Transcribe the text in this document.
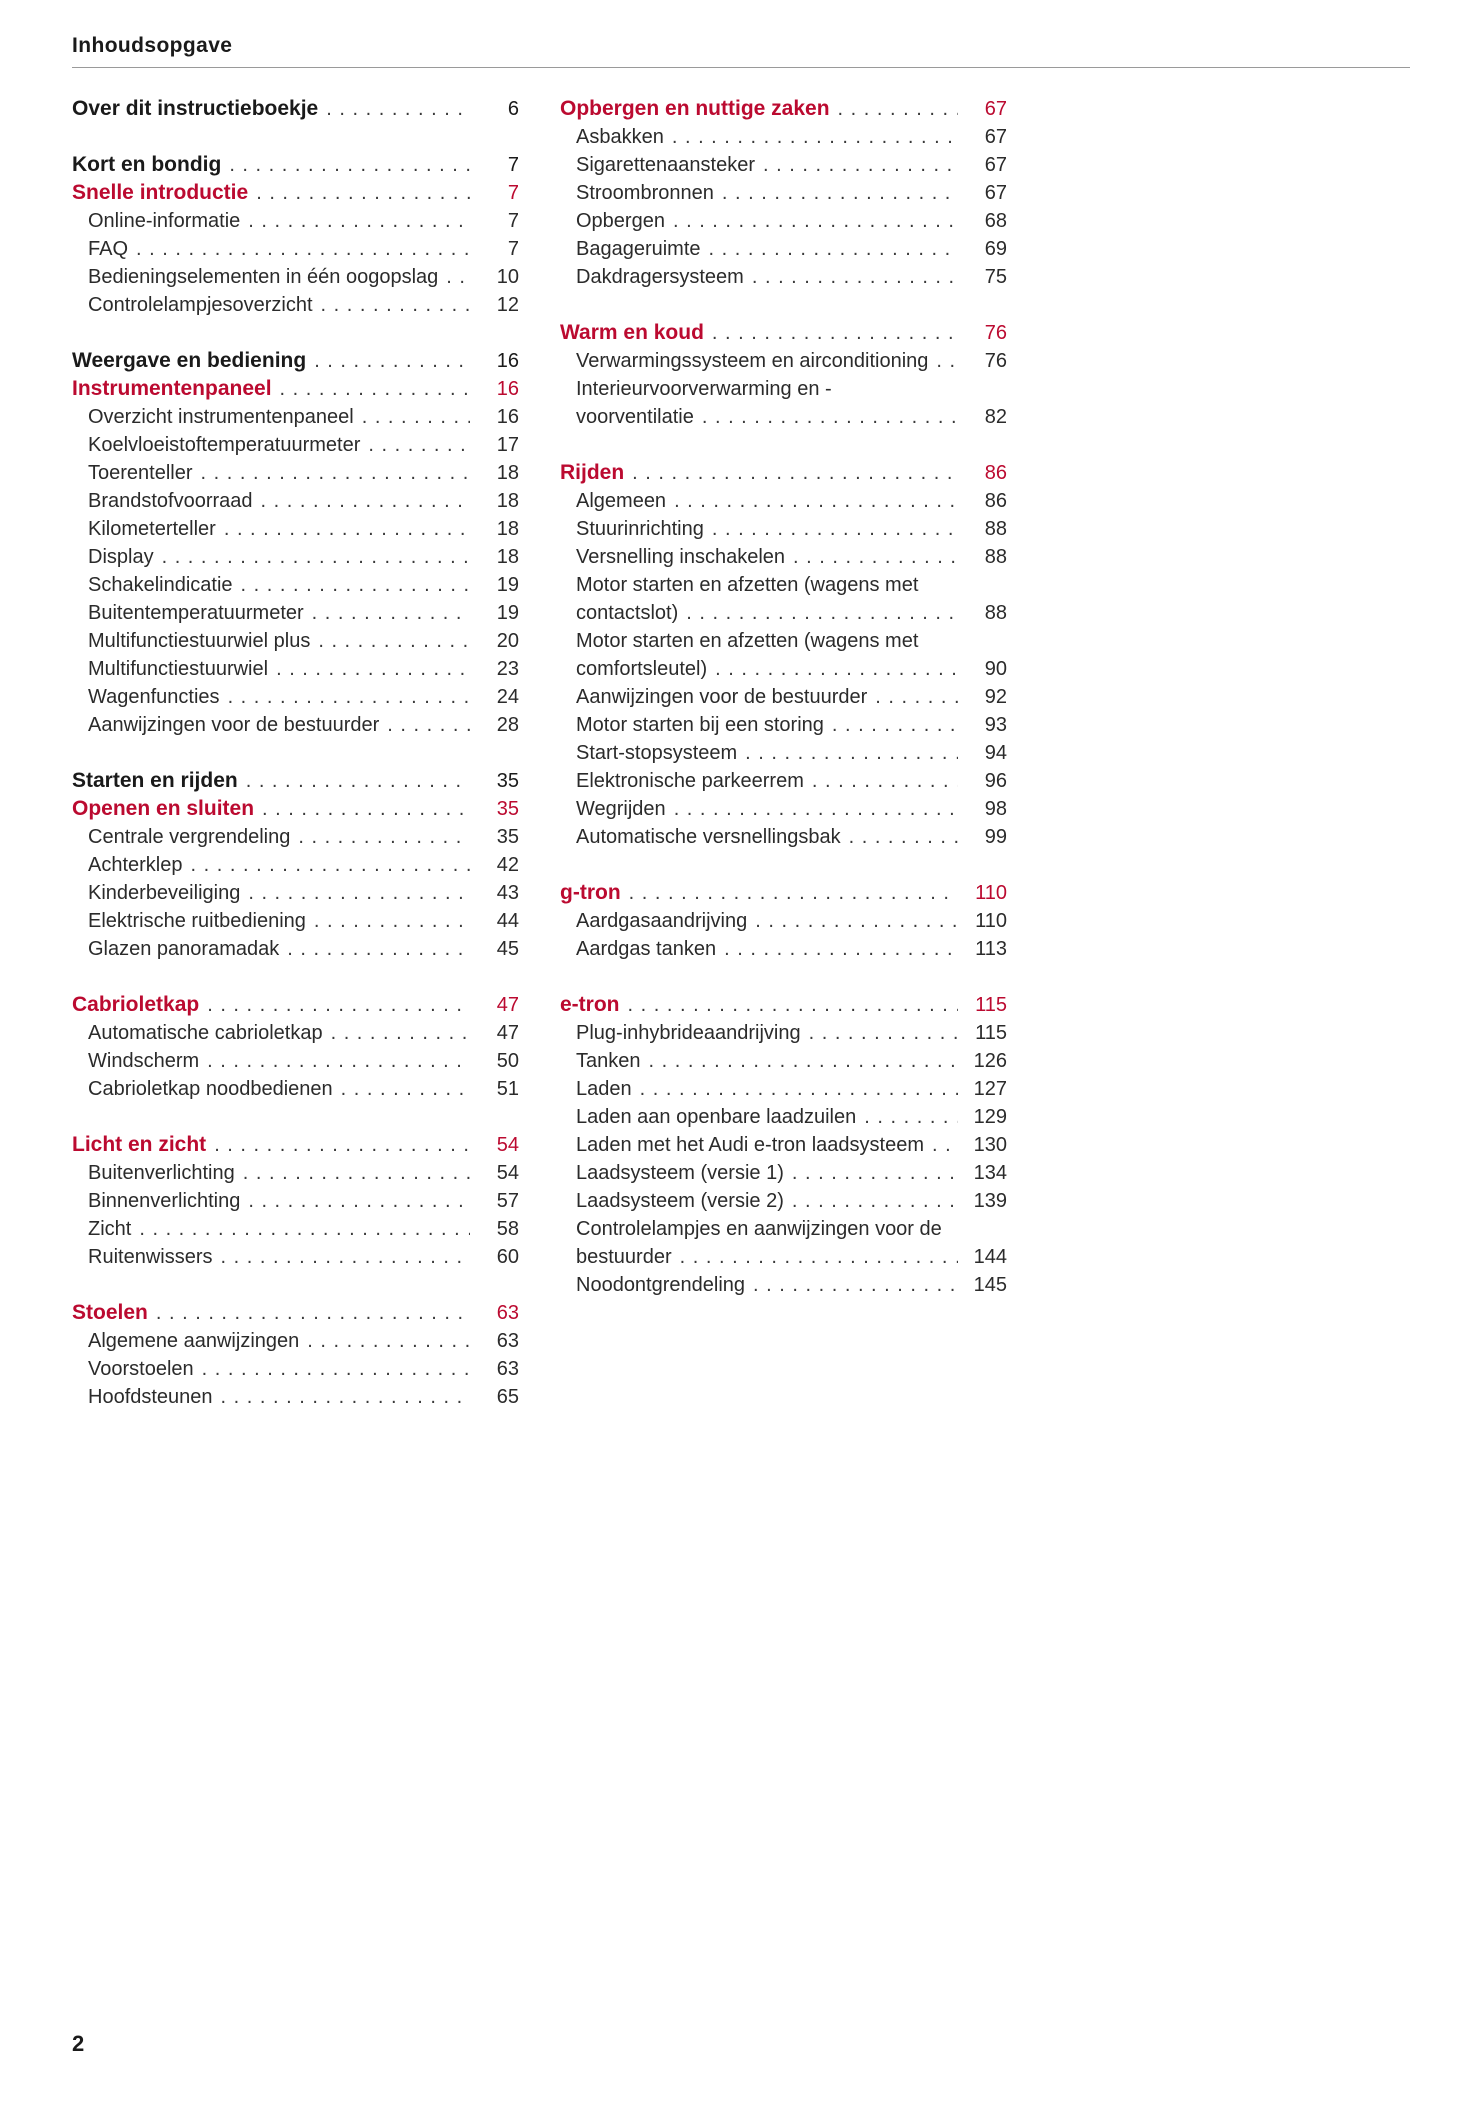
Inhoudsopgave
Over dit instructieboekje . . .	6
Kort en bondig . . .	7
Snelle introductie . . .	7
Online-informatie . . .	7
FAQ . . .	7
Bedieningselementen in één oogopslag . . .	10
Controlelampjesoverzicht . . .	12
Weergave en bediening . . .	16
Instrumentenpaneel . . .	16
Overzicht instrumentenpaneel . . .	16
Koelvloeistoftemperatuurmeter . . .	17
Toerenteller . . .	18
Brandstofvoorraad . . .	18
Kilometerteller . . .	18
Display . . .	18
Schakelindicatie . . .	19
Buitentemperatuurmeter . . .	19
Multifunctiestuurwiel plus . . .	20
Multifunctiestuurwiel . . .	23
Wagenfuncties . . .	24
Aanwijzingen voor de bestuurder . . .	28
Starten en rijden . . .	35
Openen en sluiten . . .	35
Centrale vergrendeling . . .	35
Achterklep . . .	42
Kinderbeveiliging . . .	43
Elektrische ruitbediening . . .	44
Glazen panoramadak . . .	45
Cabrioletkap . . .	47
Automatische cabrioletkap . . .	47
Windscherm . . .	50
Cabrioletkap noodbedienen . . .	51
Licht en zicht . . .	54
Buitenverlichting . . .	54
Binnenverlichting . . .	57
Zicht . . .	58
Ruitenwissers . . .	60
Stoelen . . .	63
Algemene aanwijzingen . . .	63
Voorstoelen . . .	63
Hoofdsteunen . . .	65
Opbergen en nuttige zaken . . .	67
Asbakken . . .	67
Sigarettenaansteker . . .	67
Stroombronnen . . .	67
Opbergen . . .	68
Bagageruimte . . .	69
Dakdragersysteem . . .	75
Warm en koud . . .	76
Verwarmingssysteem en airconditioning . . .	76
Interieurvoorverwarming en -
voorventilatie . . .	82
Rijden . . .	86
Algemeen . . .	86
Stuurinrichting . . .	88
Versnelling inschakelen . . .	88
Motor starten en afzetten (wagens met
contactslot) . . .	88
Motor starten en afzetten (wagens met
comfortsleutel) . . .	90
Aanwijzingen voor de bestuurder . . .	92
Motor starten bij een storing . . .	93
Start-stopsysteem . . .	94
Elektronische parkeerrem . . .	96
Wegrijden . . .	98
Automatische versnellingsbak . . .	99
g-tron . . .	110
Aardgasaandrijving . . .	110
Aardgas tanken . . .	113
e-tron . . .	115
Plug-inhybrideaandrijving . . .	115
Tanken . . .	126
Laden . . .	127
Laden aan openbare laadzuilen . . .	129
Laden met het Audi e-tron laadsysteem . . .	130
Laadsysteem (versie 1) . . .	134
Laadsysteem (versie 2) . . .	139
Controlelampjes en aanwijzingen voor de
bestuurder . . .	144
Noodontgrendeling . . .	145
2
